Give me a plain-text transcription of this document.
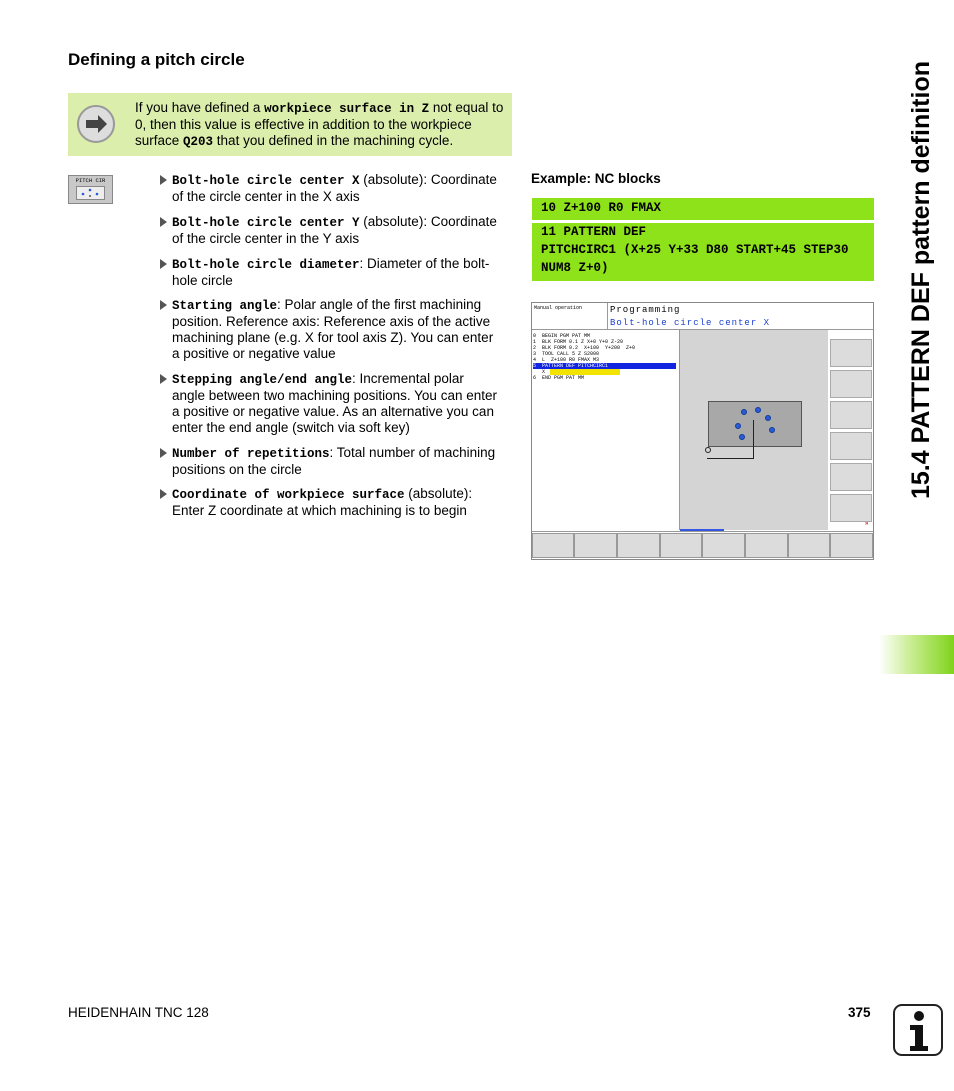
Defining a pitch circle

If you have defined a workpiece surface in Z not equal to 0, then this value is effective in addition to the workpiece surface Q203 that you defined in the machining cycle.

PITCH CIR	Bolt-hole circle center X (absolute): Coordinate of the circle center in the X axis
Bolt-hole circle center Y (absolute): Coordinate of the circle center in the Y axis
Bolt-hole circle diameter: Diameter of the bolt-hole circle
Starting angle: Polar angle of the first machining position. Reference axis: Reference axis of the active machining plane (e.g. X for tool axis Z). You can enter a positive or negative value
Stepping angle/end angle: Incremental polar angle between two machining positions. You can enter a positive or negative value. As an alternative you can enter the end angle (switch via soft key)
Number of repetitions: Total number of machining positions on the circle
Coordinate of workpiece surface (absolute): Enter Z coordinate at which machining is to begin
Example: NC blocks
10 Z+100 R0 FMAX
11 PATTERN DEF
PITCHCIRC1 (X+25 Y+33 D80 START+45 STEP30
NUM8 Z+0)
Manual operation	Programming
Bolt-hole circle center X
0  BEGIN PGM PAT MM
1  BLK FORM 0.1 Z X+0 Y+0 Z-20
2  BLK FORM 0.2  X+100  Y+200  Z+0
3  TOOL CALL 5 Z S2000
4  L  Z+100 R0 FMAX M3
5  PATTERN DEF PITCHCIRC1
X
6  END PGM PAT MM
»
15.4 PATTERN DEF pattern definition
HEIDENHAIN TNC 128	375
